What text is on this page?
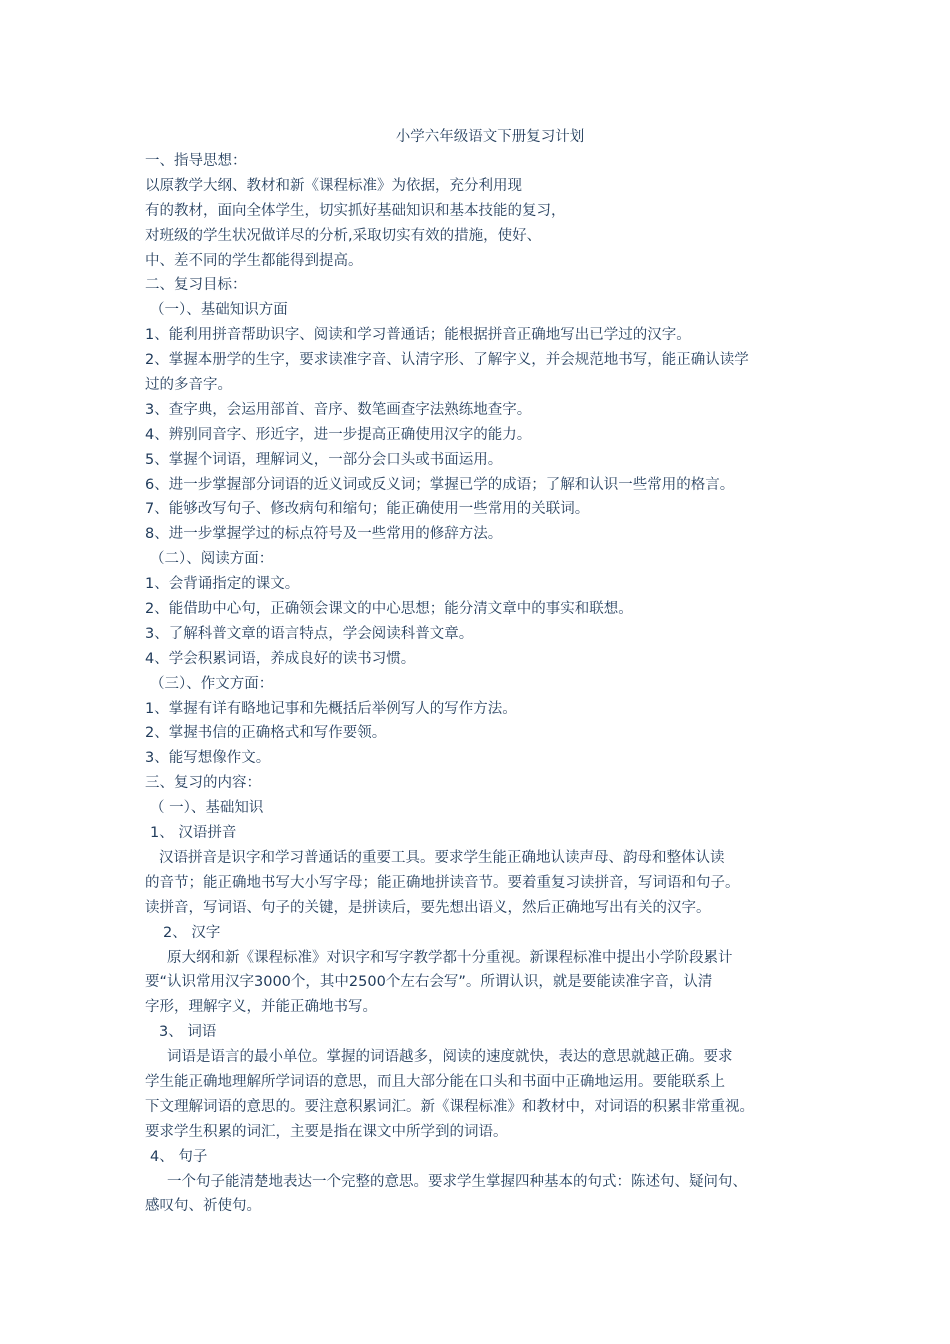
小学六年级语文下册复习计划
一、指导思想：
以原教学大纲、教材和新《课程标准》为依据，充分利用现
有的教材，面向全体学生，切实抓好基础知识和基本技能的复习，
对班级的学生状况做详尽的分析,采取切实有效的措施，使好、
中、差不同的学生都能得到提高。
二、复习目标：
（一）、基础知识方面
1、能利用拼音帮助识字、阅读和学习普通话；能根据拼音正确地写出已学过的汉字。
2、掌握本册学的生字，要求读准字音、认清字形、了解字义，并会规范地书写，能正确认读学
过的多音字。
3、查字典，会运用部首、音序、数笔画查字法熟练地查字。
4、辨别同音字、形近字，进一步提高正确使用汉字的能力。
5、掌握个词语，理解词义，一部分会口头或书面运用。
6、进一步掌握部分词语的近义词或反义词；掌握已学的成语；了解和认识一些常用的格言。
7、能够改写句子、修改病句和缩句；能正确使用一些常用的关联词。
8、进一步掌握学过的标点符号及一些常用的修辞方法。
（二）、阅读方面：
1、会背诵指定的课文。
2、能借助中心句，正确领会课文的中心思想；能分清文章中的事实和联想。
3、了解科普文章的语言特点，学会阅读科普文章。
4、学会积累词语，养成良好的读书习惯。
（三）、作文方面：
1、掌握有详有略地记事和先概括后举例写人的写作方法。
2、掌握书信的正确格式和写作要领。
3、能写想像作文。
三、复习的内容：
（ 一）、基础知识
1、 汉语拼音
汉语拼音是识字和学习普通话的重要工具。要求学生能正确地认读声母、韵母和整体认读
的音节；能正确地书写大小写字母；能正确地拼读音节。要着重复习读拼音，写词语和句子。
读拼音，写词语、句子的关键，是拼读后，要先想出语义，然后正确地写出有关的汉字。
2、 汉字
原大纲和新《课程标准》对识字和写字教学都十分重视。新课程标准中提出小学阶段累计
要“认识常用汉字3000个，其中2500个左右会写”。所谓认识，就是要能读准字音，认清
字形，理解字义，并能正确地书写。
3、 词语
词语是语言的最小单位。掌握的词语越多，阅读的速度就快，表达的意思就越正确。要求
学生能正确地理解所学词语的意思，而且大部分能在口头和书面中正确地运用。要能联系上
下文理解词语的意思的。要注意积累词汇。新《课程标准》和教材中，对词语的积累非常重视。
要求学生积累的词汇，主要是指在课文中所学到的词语。
4、 句子
一个句子能清楚地表达一个完整的意思。要求学生掌握四种基本的句式：陈述句、疑问句、
感叹句、祈使句。
